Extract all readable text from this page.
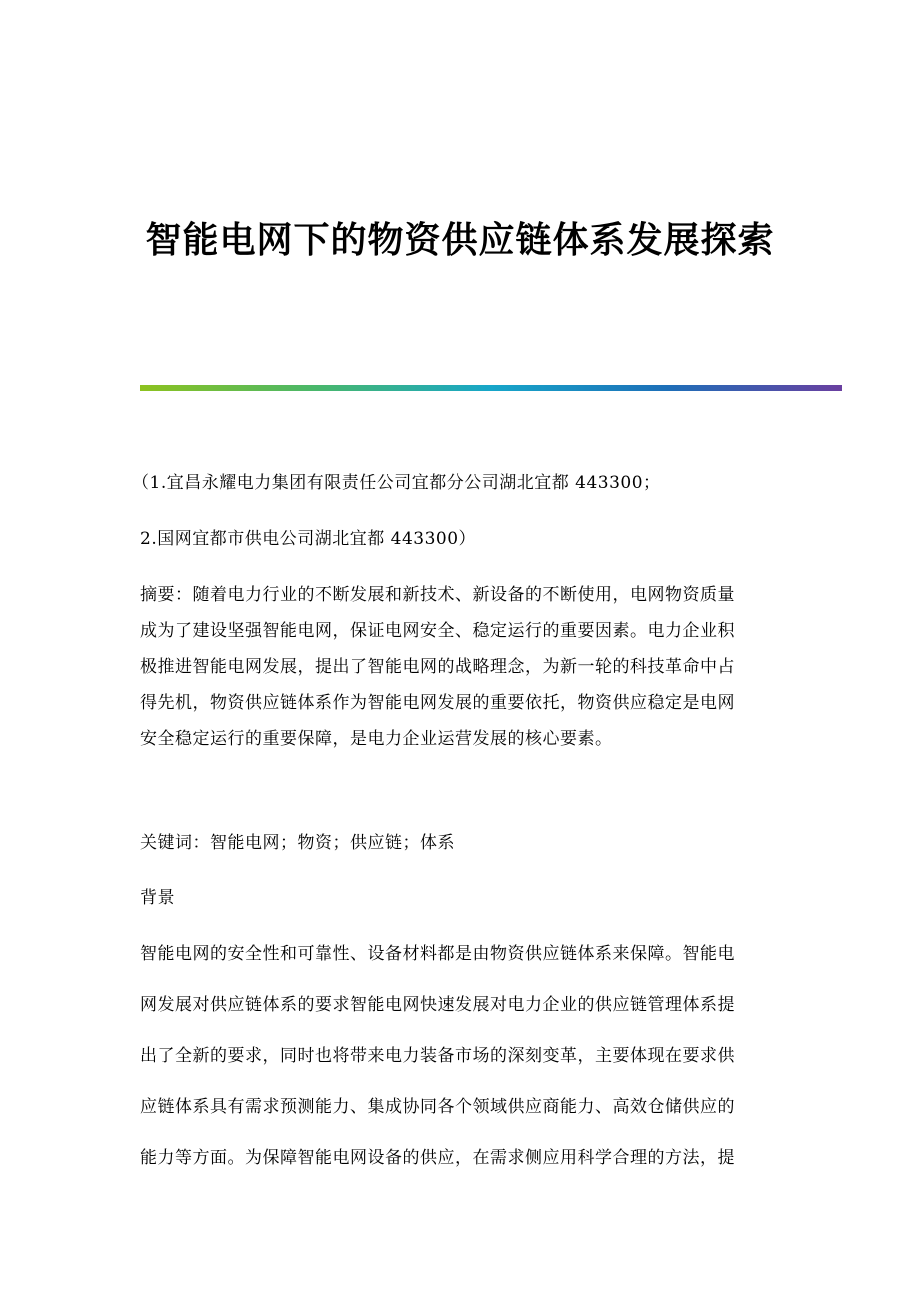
智能电网下的物资供应链体系发展探索

（1.宜昌永耀电力集团有限责任公司宜都分公司湖北宜都 443300；

2.国网宜都市供电公司湖北宜都 443300）

摘要：随着电力行业的不断发展和新技术、新设备的不断使用，电网物资质量
成为了建设坚强智能电网，保证电网安全、稳定运行的重要因素。电力企业积
极推进智能电网发展，提出了智能电网的战略理念，为新一轮的科技革命中占
得先机，物资供应链体系作为智能电网发展的重要依托，物资供应稳定是电网
安全稳定运行的重要保障，是电力企业运营发展的核心要素。

关键词：智能电网；物资；供应链；体系

背景

智能电网的安全性和可靠性、设备材料都是由物资供应链体系来保障。智能电
网发展对供应链体系的要求智能电网快速发展对电力企业的供应链管理体系提
出了全新的要求，同时也将带来电力装备市场的深刻变革，主要体现在要求供
应链体系具有需求预测能力、集成协同各个领域供应商能力、高效仓储供应的
能力等方面。为保障智能电网设备的供应，在需求侧应用科学合理的方法，提
